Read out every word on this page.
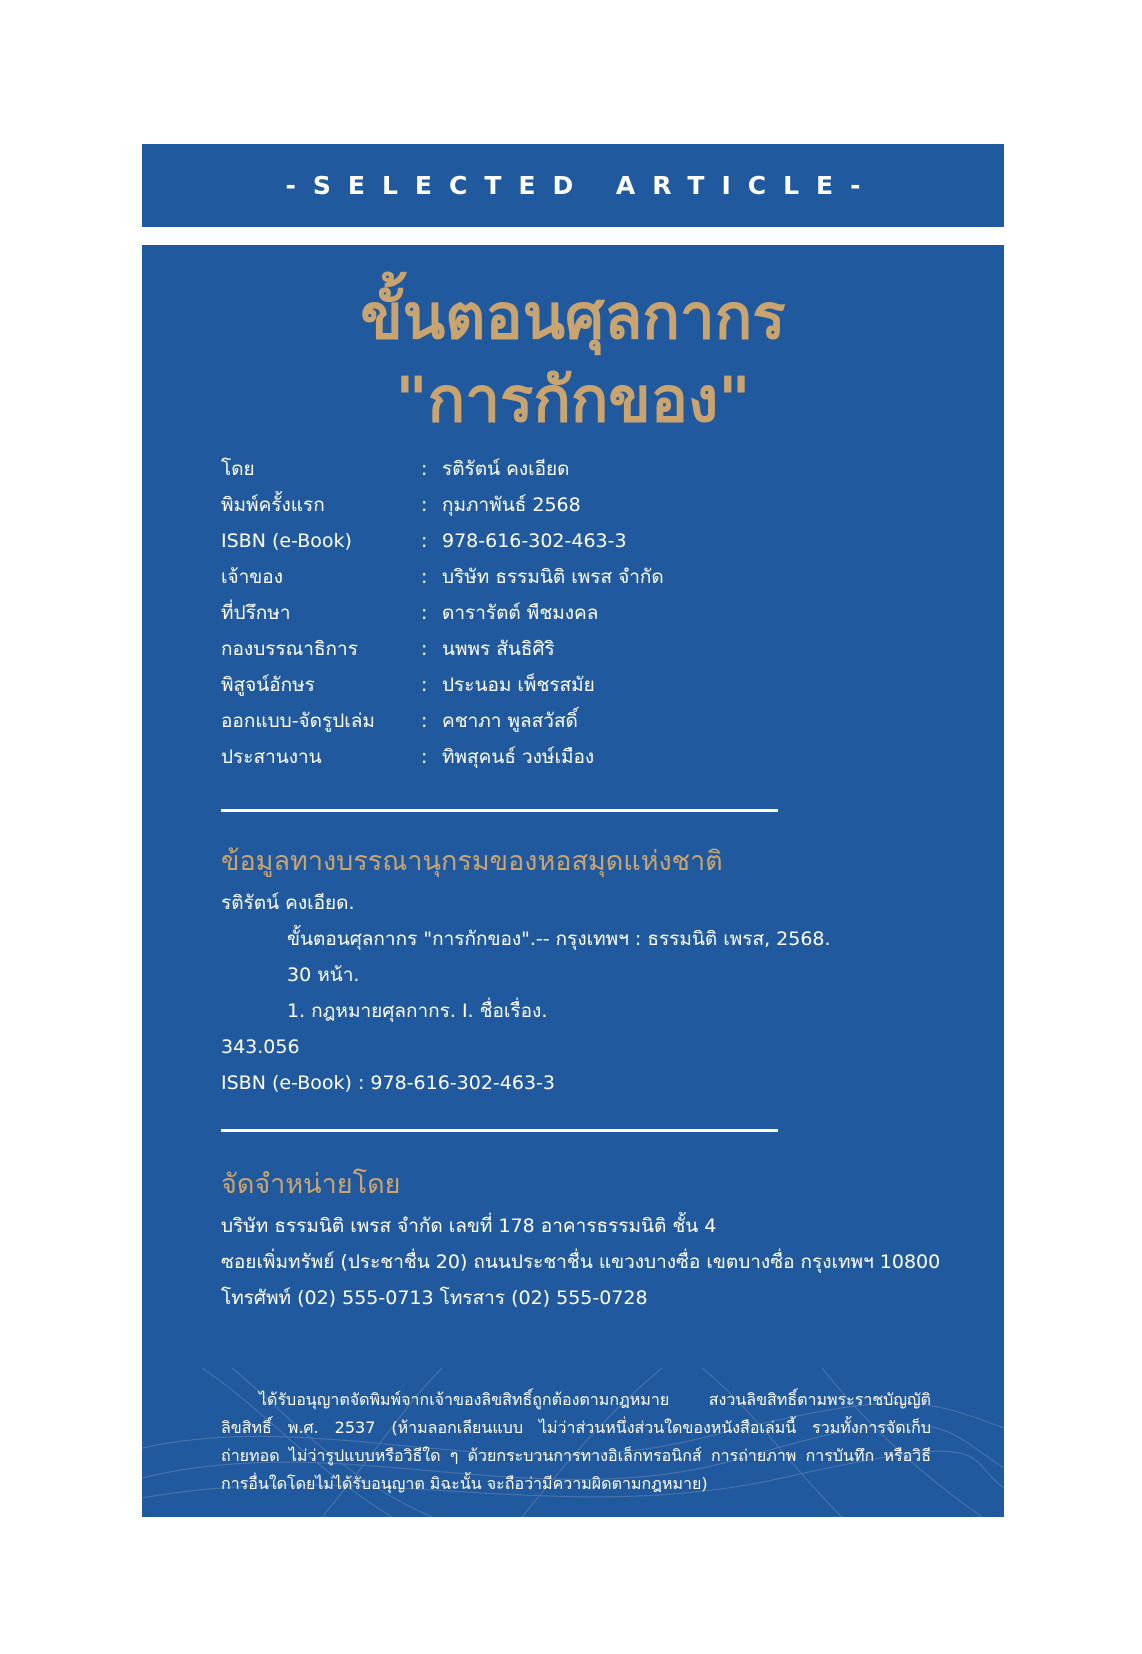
-SELECTED ARTICLE-
ขั้นตอนศุลกากร
"การกักของ"
โดย	: รติรัตน์ คงเอียด
พิมพ์ครั้งแรก	: กุมภาพันธ์ 2568
ISBN (e-Book)	: 978-616-302-463-3
เจ้าของ	: บริษัท ธรรมนิติ เพรส จำกัด
ที่ปรึกษา	: ดารารัตต์ พืชมงคล
กองบรรณาธิการ	: นพพร สันธิศิริ
พิสูจน์อักษร	: ประนอม เพ็ชรสมัย
ออกแบบ-จัดรูปเล่ม	: คชาภา พูลสวัสดิ์
ประสานงาน	: ทิพสุคนธ์ วงษ์เมือง
ข้อมูลทางบรรณานุกรมของหอสมุดแห่งชาติ
รติรัตน์ คงเอียด.
ขั้นตอนศุลกากร "การกักของ".-- กรุงเทพฯ : ธรรมนิติ เพรส, 2568.
30 หน้า.
1. กฎหมายศุลกากร. I. ชื่อเรื่อง.
343.056
ISBN (e-Book) : 978-616-302-463-3
จัดจำหน่ายโดย
บริษัท ธรรมนิติ เพรส จำกัด เลขที่ 178 อาคารธรรมนิติ ชั้น 4
ซอยเพิ่มทรัพย์ (ประชาชื่น 20) ถนนประชาชื่น แขวงบางซื่อ เขตบางซื่อ กรุงเทพฯ 10800
โทรศัพท์ (02) 555-0713 โทรสาร (02) 555-0728
ได้รับอนุญาตจัดพิมพ์จากเจ้าของลิขสิทธิ์ถูกต้องตามกฎหมาย สงวนลิขสิทธิ์ตามพระราชบัญญัติลิขสิทธิ์ พ.ศ. 2537 (ห้ามลอกเลียนแบบ ไม่ว่าส่วนหนึ่งส่วนใดของหนังสือเล่มนี้ รวมทั้งการจัดเก็บ ถ่ายทอด ไม่ว่ารูปแบบหรือวิธีใด ๆ ด้วยกระบวนการทางอิเล็กทรอนิกส์ การถ่ายภาพ การบันทึก หรือวิธีการอื่นใดโดยไม่ได้รับอนุญาต มิฉะนั้น จะถือว่ามีความผิดตามกฎหมาย)
